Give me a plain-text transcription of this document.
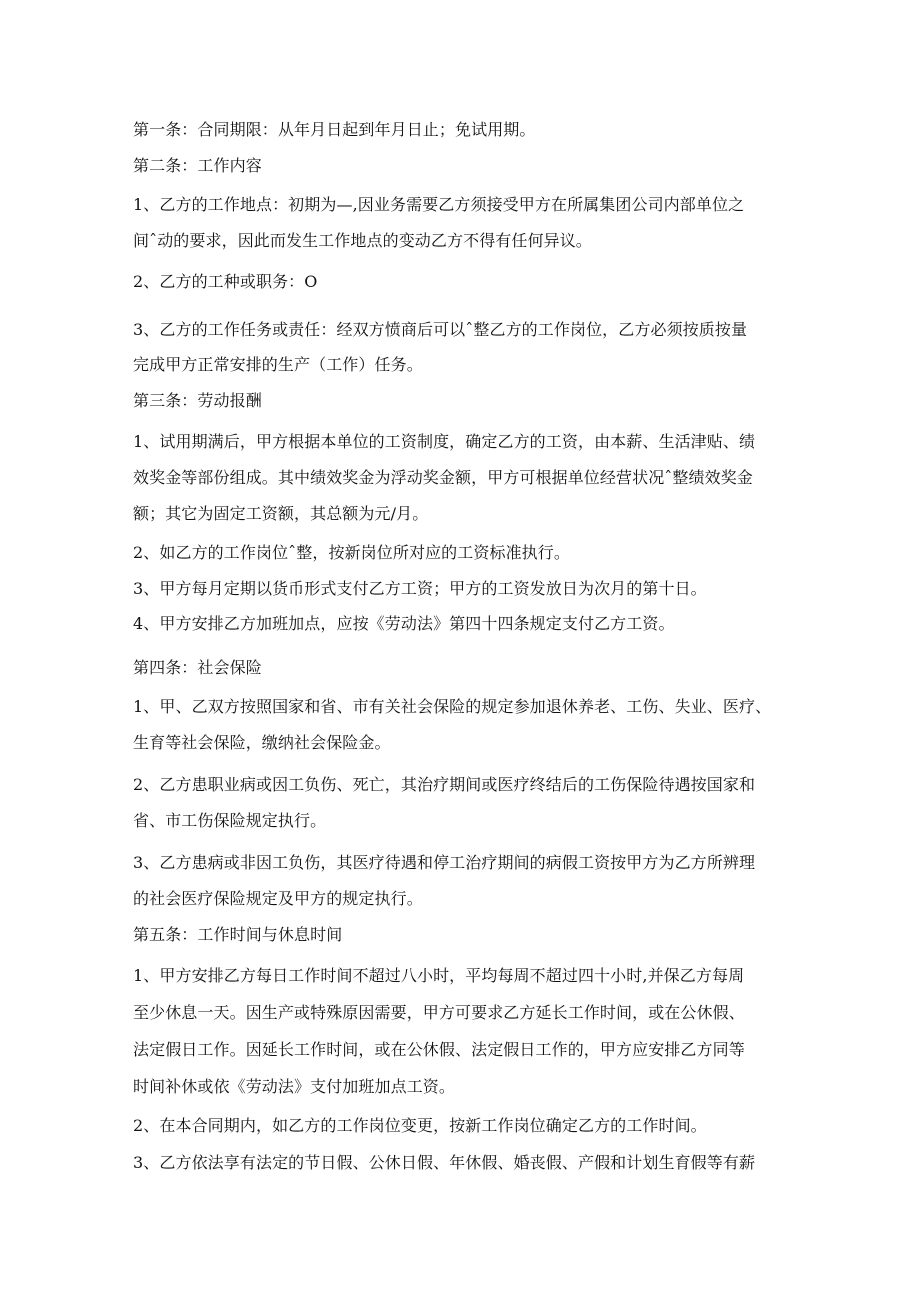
第一条：合同期限：从年月日起到年月日止；免试用期。
第二条：工作内容
1、乙方的工作地点：初期为—,因业务需要乙方须接受甲方在所属集团公司内部单位之
间ˆ动的要求，因此而发生工作地点的变动乙方不得有任何异议。
2、乙方的工种或职务：O
3、乙方的工作任务或责任：经双方愤商后可以ˆ整乙方的工作岗位，乙方必须按质按量
完成甲方正常安排的生产（工作）任务。
第三条：劳动报酬
1、试用期满后，甲方根据本单位的工资制度，确定乙方的工资，由本薪、生活津贴、绩
效奖金等部份组成。其中绩效奖金为浮动奖金额，甲方可根据单位经营状况ˆ整绩效奖金
额；其它为固定工资额，其总额为元/月。
2、如乙方的工作岗位ˆ整，按新岗位所对应的工资标准执行。
3、甲方每月定期以货币形式支付乙方工资；甲方的工资发放日为次月的第十日。
4、甲方安排乙方加班加点，应按《劳动法》第四十四条规定支付乙方工资。
第四条：社会保险
1、甲、乙双方按照国家和省、市有关社会保险的规定参加退休养老、工伤、失业、医疗、
生育等社会保险，缴纳社会保险金。
2、乙方患职业病或因工负伤、死亡，其治疗期间或医疗终结后的工伤保险待遇按国家和
省、市工伤保险规定执行。
3、乙方患病或非因工负伤，其医疗待遇和停工治疗期间的病假工资按甲方为乙方所辨理
的社会医疗保险规定及甲方的规定执行。
第五条：工作时间与休息时间
1、甲方安排乙方每日工作时间不超过八小时，平均每周不超过四十小时,并保乙方每周
至少休息一天。因生产或特殊原因需要，甲方可要求乙方延长工作时间，或在公休假、
法定假日工作。因延长工作时间，或在公休假、法定假日工作的，甲方应安排乙方同等
时间补休或依《劳动法》支付加班加点工资。
2、在本合同期内，如乙方的工作岗位变更，按新工作岗位确定乙方的工作时间。
3、乙方依法享有法定的节日假、公休日假、年休假、婚丧假、产假和计划生育假等有薪
